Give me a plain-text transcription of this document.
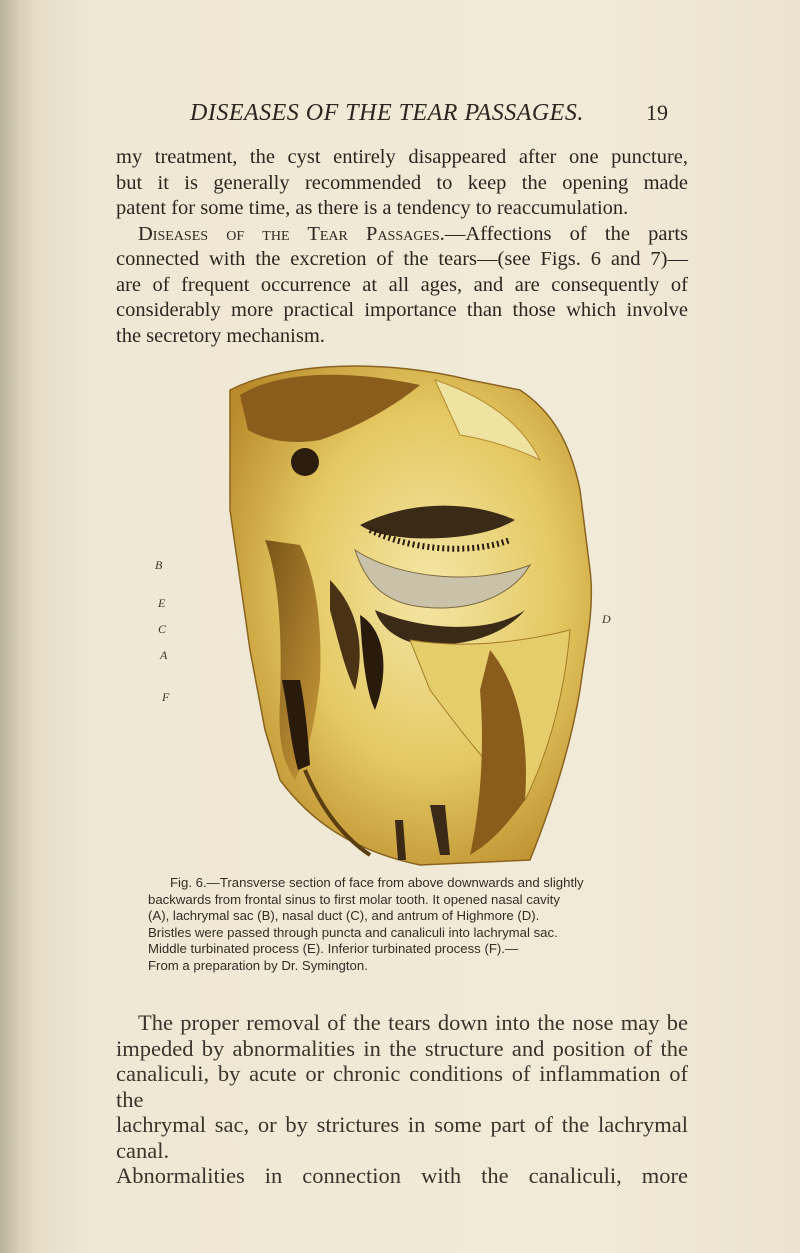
DISEASES OF THE TEAR PASSAGES.	19
my treatment, the cyst entirely disappeared after one puncture,
but it is generally recommended to keep the opening made
patent for some time, as there is a tendency to reaccumulation.
Diseases of the Tear Passages.—Affections of the parts
connected with the excretion of the tears—(see Figs. 6 and 7)—
are of frequent occurrence at all ages, and are consequently of
considerably more practical importance than those which involve
the secretory mechanism.
B
E
C
A
F
D
Fig. 6.—Transverse section of face from above downwards and slightly
backwards from frontal sinus to first molar tooth. It opened nasal cavity
(A), lachrymal sac (B), nasal duct (C), and antrum of Highmore (D).
Bristles were passed through puncta and canaliculi into lachrymal sac.
Middle turbinated process (E). Inferior turbinated process (F).—
From a preparation by Dr. Symington.
The proper removal of the tears down into the nose may be
impeded by abnormalities in the structure and position of the
canaliculi, by acute or chronic conditions of inflammation of the
lachrymal sac, or by strictures in some part of the lachrymal canal.
Abnormalities in connection with the canaliculi, more
